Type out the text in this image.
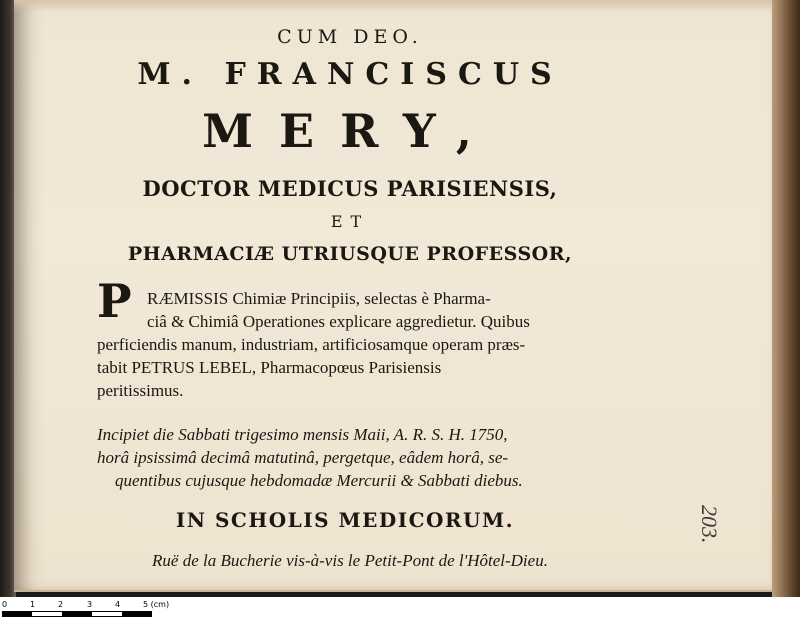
CUM DEO.
M. FRANCISCUS
MERY,
DOCTOR MEDICUS PARISIENSIS,
ET
PHARMACIÆ UTRIUSQUE PROFESSOR,
P RÆMISSIS Chimiæ Principiis, selectas è Pharma-
ciâ & Chimiâ Operationes explicare aggredietur. Quibus
perficiendis manum, industriam, artificiosamque operam præs-
tabit PETRUS LEBEL, Pharmacopœus Parisiensis
peritissimus.
Incipiet die Sabbati trigesimo mensis Maii, A. R. S. H. 1750,
horâ ipsissimâ decimâ matutinâ, pergetque, eâdem horâ, se-
quentibus cujusque hebdomadæ Mercurii & Sabbati diebus.
IN SCHOLIS MEDICORUM.
Ruë de la Bucherie vis-à-vis le Petit-Pont de l'Hôtel-Dieu.
203.
0	1	2	3	4	5 (cm)
